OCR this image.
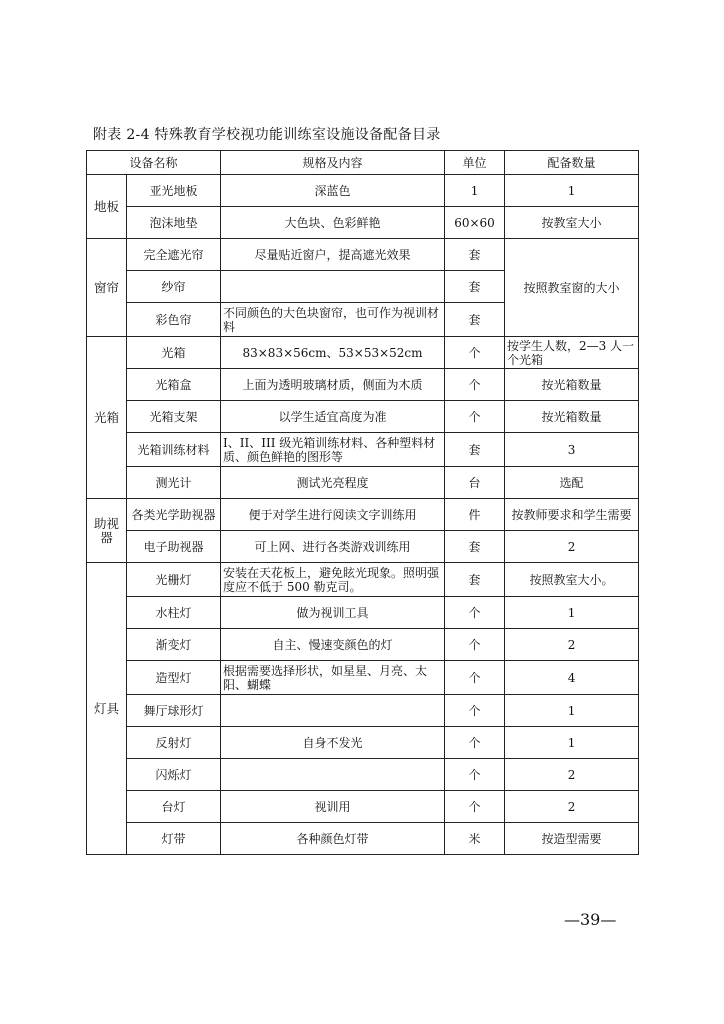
附表 2-4 特殊教育学校视功能训练室设施设备配备目录
设备名称		规格及内容	单位	配备数量
地板	亚光地板	深蓝色	1	1
	泡沫地垫	大色块、色彩鲜艳	60×60	按教室大小
窗帘	完全遮光帘	尽量贴近窗户，提高遮光效果	套	按照教室窗的大小
	纱帘		套	
	彩色帘	不同颜色的大色块窗帘，也可作为视训材料	套	
光箱	光箱	83×83×56cm、53×53×52cm	个	按学生人数，2—3 人一个光箱
	光箱盒	上面为透明玻璃材质，侧面为木质	个	按光箱数量
	光箱支架	以学生适宜高度为准	个	按光箱数量
	光箱训练材料	I、II、III 级光箱训练材料、各种塑料材质、颜色鲜艳的图形等	套	3
	测光计	测试光亮程度	台	选配
助视器	各类光学助视器	便于对学生进行阅读文字训练用	件	按教师要求和学生需要
	电子助视器	可上网、进行各类游戏训练用	套	2
灯具	光栅灯	安装在天花板上，避免眩光现象。照明强度应不低于 500 勒克司。	套	按照教室大小。
	水柱灯	做为视训工具	个	1
	渐变灯	自主、慢速变颜色的灯	个	2
	造型灯	根据需要选择形状，如星星、月亮、太阳、蝴蝶	个	4
	舞厅球形灯		个	1
	反射灯	自身不发光	个	1
	闪烁灯		个	2
	台灯	视训用	个	2
	灯带	各种颜色灯带	米	按造型需要
—39—
